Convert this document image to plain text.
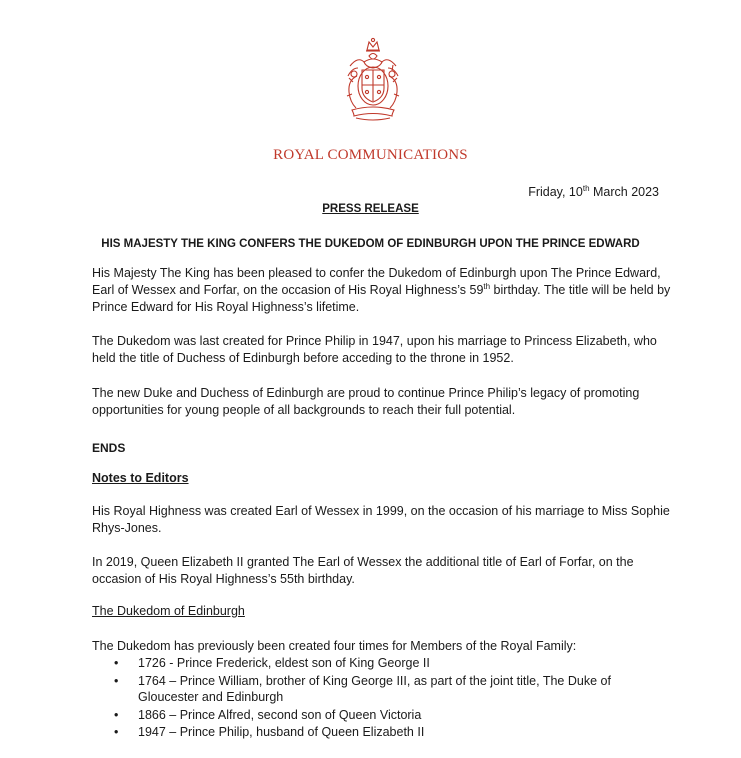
ROYAL COMMUNICATIONS
Friday, 10th March 2023
PRESS RELEASE
HIS MAJESTY THE KING CONFERS THE DUKEDOM OF EDINBURGH UPON THE PRINCE EDWARD
His Majesty The King has been pleased to confer the Dukedom of Edinburgh upon The Prince Edward, Earl of Wessex and Forfar, on the occasion of His Royal Highness’s 59th birthday. The title will be held by Prince Edward for His Royal Highness’s lifetime.
The Dukedom was last created for Prince Philip in 1947, upon his marriage to Princess Elizabeth, who held the title of Duchess of Edinburgh before acceding to the throne in 1952.
The new Duke and Duchess of Edinburgh are proud to continue Prince Philip’s legacy of promoting opportunities for young people of all backgrounds to reach their full potential.
ENDS
Notes to Editors
His Royal Highness was created Earl of Wessex in 1999, on the occasion of his marriage to Miss Sophie Rhys-Jones.
In 2019, Queen Elizabeth II granted The Earl of Wessex the additional title of Earl of Forfar, on the occasion of His Royal Highness’s 55th birthday.
The Dukedom of Edinburgh
The Dukedom has previously been created four times for Members of the Royal Family:
• 1726 - Prince Frederick, eldest son of King George II
• 1764 – Prince William, brother of King George III, as part of the joint title, The Duke of Gloucester and Edinburgh
• 1866 – Prince Alfred, second son of Queen Victoria
• 1947 – Prince Philip, husband of Queen Elizabeth II
